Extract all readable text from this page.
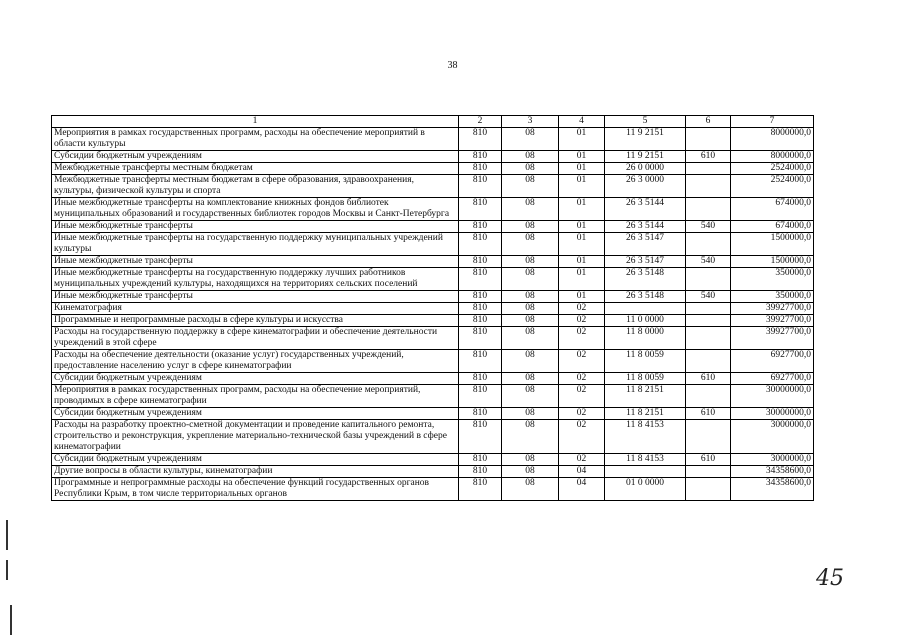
38
1	2	3	4	5	6	7
Мероприятия в рамках государственных программ, расходы на обеспечение мероприятий в области культуры	810	08	01	11 9 2151		8000000,0
Субсидии бюджетным учреждениям	810	08	01	11 9 2151	610	8000000,0
Межбюджетные трансферты местным бюджетам	810	08	01	26 0 0000		2524000,0
Межбюджетные трансферты местным бюджетам в сфере образования, здравоохранения, культуры, физической культуры и спорта	810	08	01	26 3 0000		2524000,0
Иные межбюджетные трансферты на комплектование книжных фондов библиотек муниципальных образований и государственных библиотек городов Москвы и Санкт-Петербурга	810	08	01	26 3 5144		674000,0
Иные межбюджетные трансферты	810	08	01	26 3 5144	540	674000,0
Иные межбюджетные трансферты на государственную поддержку муниципальных учреждений культуры	810	08	01	26 3 5147		1500000,0
Иные межбюджетные трансферты	810	08	01	26 3 5147	540	1500000,0
Иные межбюджетные трансферты на государственную поддержку лучших работников муниципальных учреждений культуры, находящихся на территориях сельских поселений	810	08	01	26 3 5148		350000,0
Иные межбюджетные трансферты	810	08	01	26 3 5148	540	350000,0
Кинематография	810	08	02			39927700,0
Программные и непрограммные расходы в сфере культуры и искусства	810	08	02	11 0 0000		39927700,0
Расходы на государственную поддержку в сфере кинематографии и обеспечение деятельности учреждений в этой сфере	810	08	02	11 8 0000		39927700,0
Расходы на обеспечение деятельности (оказание услуг) государственных учреждений, предоставление населению услуг в сфере кинематографии	810	08	02	11 8 0059		6927700,0
Субсидии бюджетным учреждениям	810	08	02	11 8 0059	610	6927700,0
Мероприятия в рамках государственных программ, расходы на обеспечение мероприятий, проводимых в сфере кинематографии	810	08	02	11 8 2151		30000000,0
Субсидии бюджетным учреждениям	810	08	02	11 8 2151	610	30000000,0
Расходы на разработку проектно-сметной документации и проведение капитального ремонта, строительство и реконструкция, укрепление материально-технической базы учреждений в сфере кинематографии	810	08	02	11 8 4153		3000000,0
Субсидии бюджетным учреждениям	810	08	02	11 8 4153	610	3000000,0
Другие вопросы в области культуры, кинематографии	810	08	04			34358600,0
Программные и непрограммные расходы на обеспечение функций государственных органов Республики Крым, в том числе территориальных органов	810	08	04	01 0 0000		34358600,0
45
